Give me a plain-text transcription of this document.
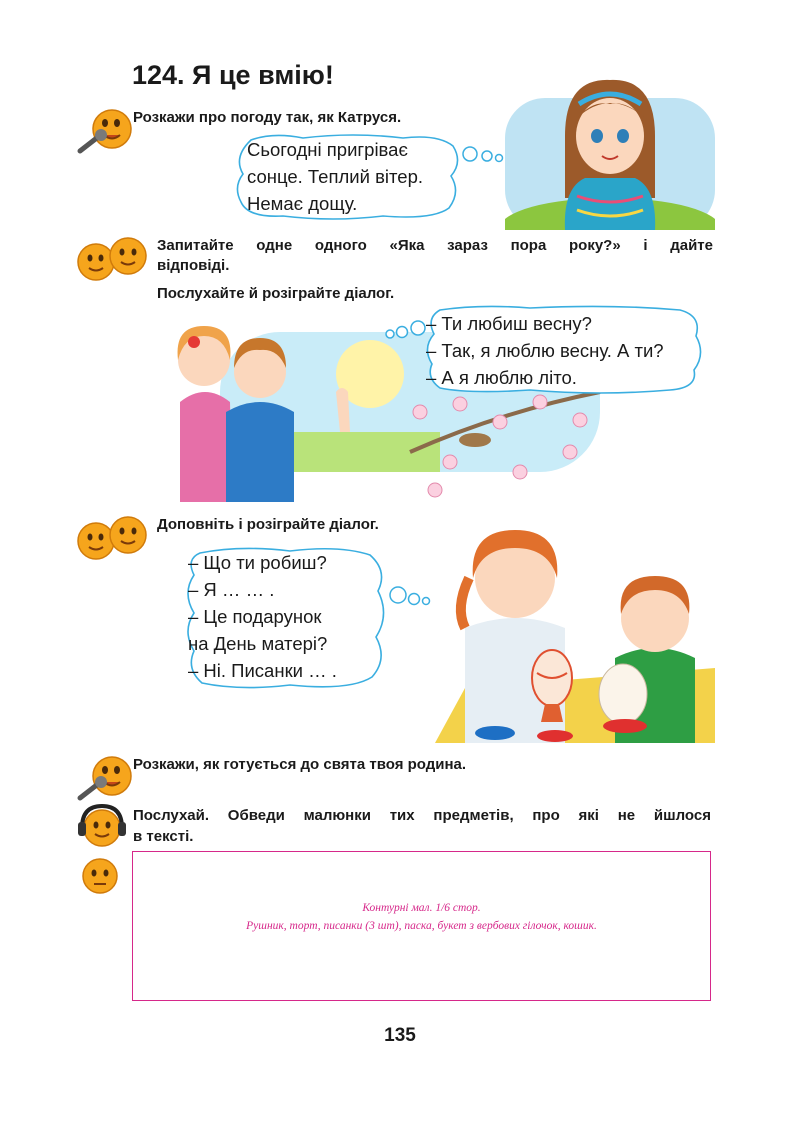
124. Я це вмію!
Розкажи про погоду так, як Катруся.
Сьогодні пригріває
сонце. Теплий вітер.
Немає дощу.
Запитайте одне одного «Яка зараз пора року?» і дайте
відповіді.
Послухайте й розіграйте діалог.
– Ти любиш весну?
– Так, я люблю весну. А ти?
– А я люблю літо.
Доповніть і розіграйте діалог.
– Що ти робиш?
– Я … … .
– Це подарунок
на День матері?
– Ні. Писанки … .
Розкажи, як готується до свята твоя родина.
Послухай. Обведи малюнки тих предметів, про які не йшлося
в тексті.
Контурні мал. 1/6 стор.
Рушник, торт, писанки (3 шт), паска, букет з вербових гілочок, кошик.
135
